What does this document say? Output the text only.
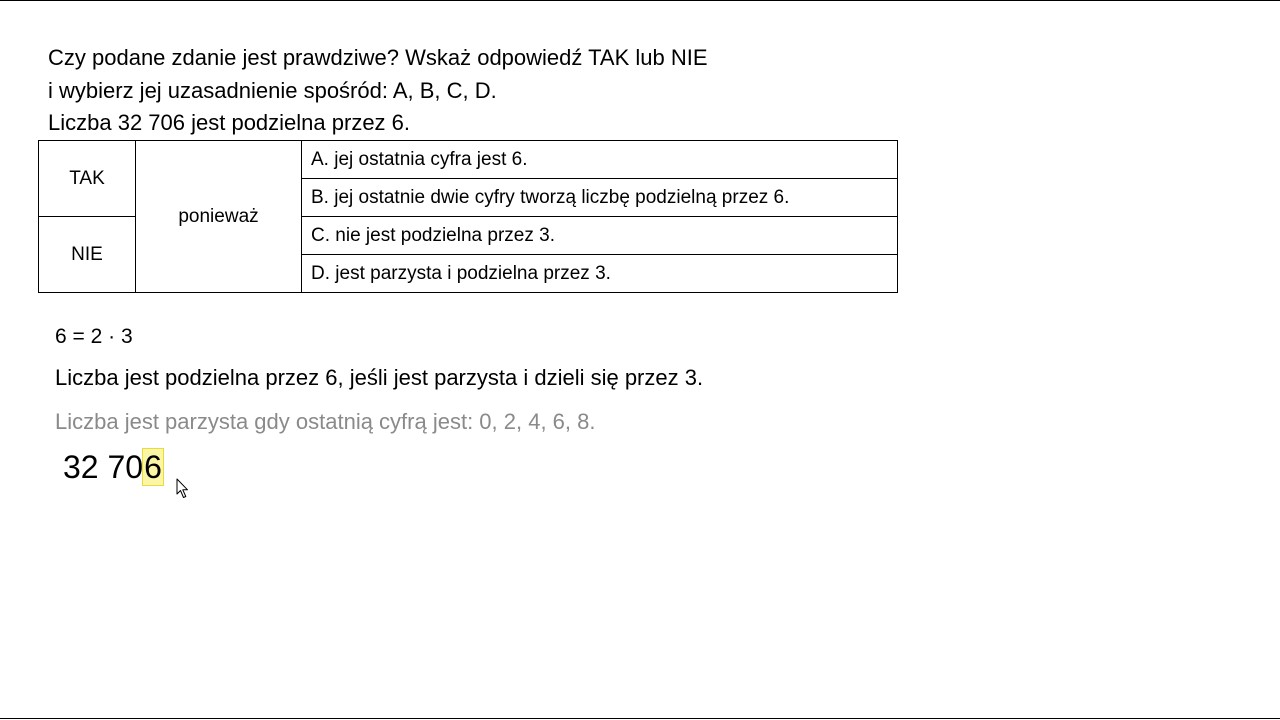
Czy podane zdanie jest prawdziwe? Wskaż odpowiedź TAK lub NIE
i wybierz jej uzasadnienie spośród: A, B, C, D.
Liczba 32 706 jest podzielna przez 6.
TAK	ponieważ	A. jej ostatnia cyfra jest 6.
		B. jej ostatnie dwie cyfry tworzą liczbę podzielną przez 6.
NIE		C. nie jest podzielna przez 3.
		D. jest parzysta i podzielna przez 3.
6 = 2 · 3
Liczba jest podzielna przez 6, jeśli jest parzysta i dzieli się przez 3.
Liczba jest parzysta gdy ostatnią cyfrą jest: 0, 2, 4, 6, 8.
32 706
